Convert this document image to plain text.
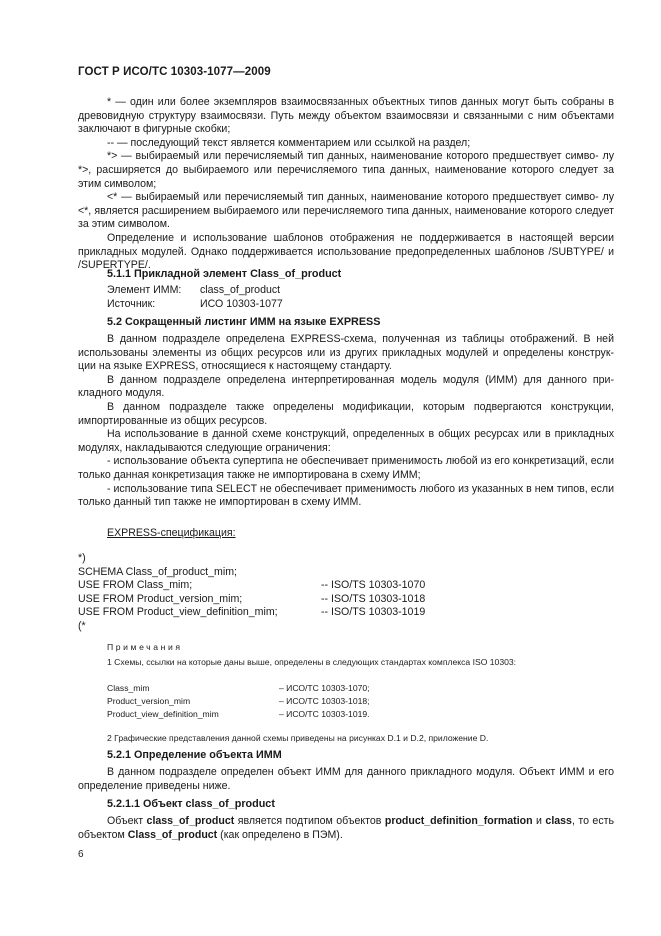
ГОСТ Р ИСО/ТС 10303-1077—2009

* — один или более экземпляров взаимосвязанных объектных типов данных могут быть собраны в древовидную структуру взаимосвязи. Путь между объектом взаимосвязи и связанными с ним объектами заключают в фигурные скобки;

-- — последующий текст является комментарием или ссылкой на раздел;

*> — выбираемый или перечисляемый тип данных, наименование которого предшествует симво- лу *>, расширяется до выбираемого или перечисляемого типа данных, наименование которого следует за этим символом;

<* — выбираемый или перечисляемый тип данных, наименование которого предшествует симво- лу <*, является расширением выбираемого или перечисляемого типа данных, наименование которого следует за этим символом.

Определение и использование шаблонов отображения не поддерживается в настоящей версии прикладных модулей. Однако поддерживается использование предопределенных шаблонов /SUBTYPE/ и /SUPERTYPE/.

5.1.1 Прикладной элемент Class_of_product
Элемент ИММ: class_of_product
Источник:	ИСО 10303-1077
5.2 Сокращенный листинг ИММ на языке EXPRESS

В данном подразделе определена EXPRESS-схема, полученная из таблицы отображений. В ней использованы элементы из общих ресурсов или из других прикладных модулей и определены конструк- ции на языке EXPRESS, относящиеся к настоящему стандарту.

В данном подразделе определена интерпретированная модель модуля (ИММ) для данного при- кладного модуля.

В данном подразделе также определены модификации, которым подвергаются конструкции, импортированные из общих ресурсов.

На использование в данной схеме конструкций, определенных в общих ресурсах или в прикладных модулях, накладываются следующие ограничения:

- использование объекта супертипа не обеспечивает применимость любой из его конкретизаций, если только данная конкретизация также не импортирована в схему ИММ;

- использование типа SELECT не обеспечивает применимость любого из указанных в нем типов, если только данный тип также не импортирован в схему ИММ.

EXPRESS-спецификация:
*)
SCHEMA Class_of_product_mim;
USE FROM Class_mim;	-- ISO/TS 10303-1070
USE FROM Product_version_mim;	-- ISO/TS 10303-1018
USE FROM Product_view_definition_mim;	-- ISO/TS 10303-1019
(*
Примечания
1 Схемы, ссылки на которые даны выше, определены в следующих стандартах комплекса ISO 10303:
Class_mim	– ИСО/ТС 10303-1070;
Product_version_mim	– ИСО/ТС 10303-1018;
Product_view_definition_mim	– ИСО/ТС 10303-1019.
2 Графические представления данной схемы приведены на рисунках D.1 и D.2, приложение D.
5.2.1 Определение объекта ИММ

В данном подразделе определен объект ИММ для данного прикладного модуля. Объект ИММ и его определение приведены ниже.

5.2.1.1 Объект class_of_product

Объект class_of_product является подтипом объектов product_definition_formation и class, то есть объектом Class_of_product (как определено в ПЭМ).

6
